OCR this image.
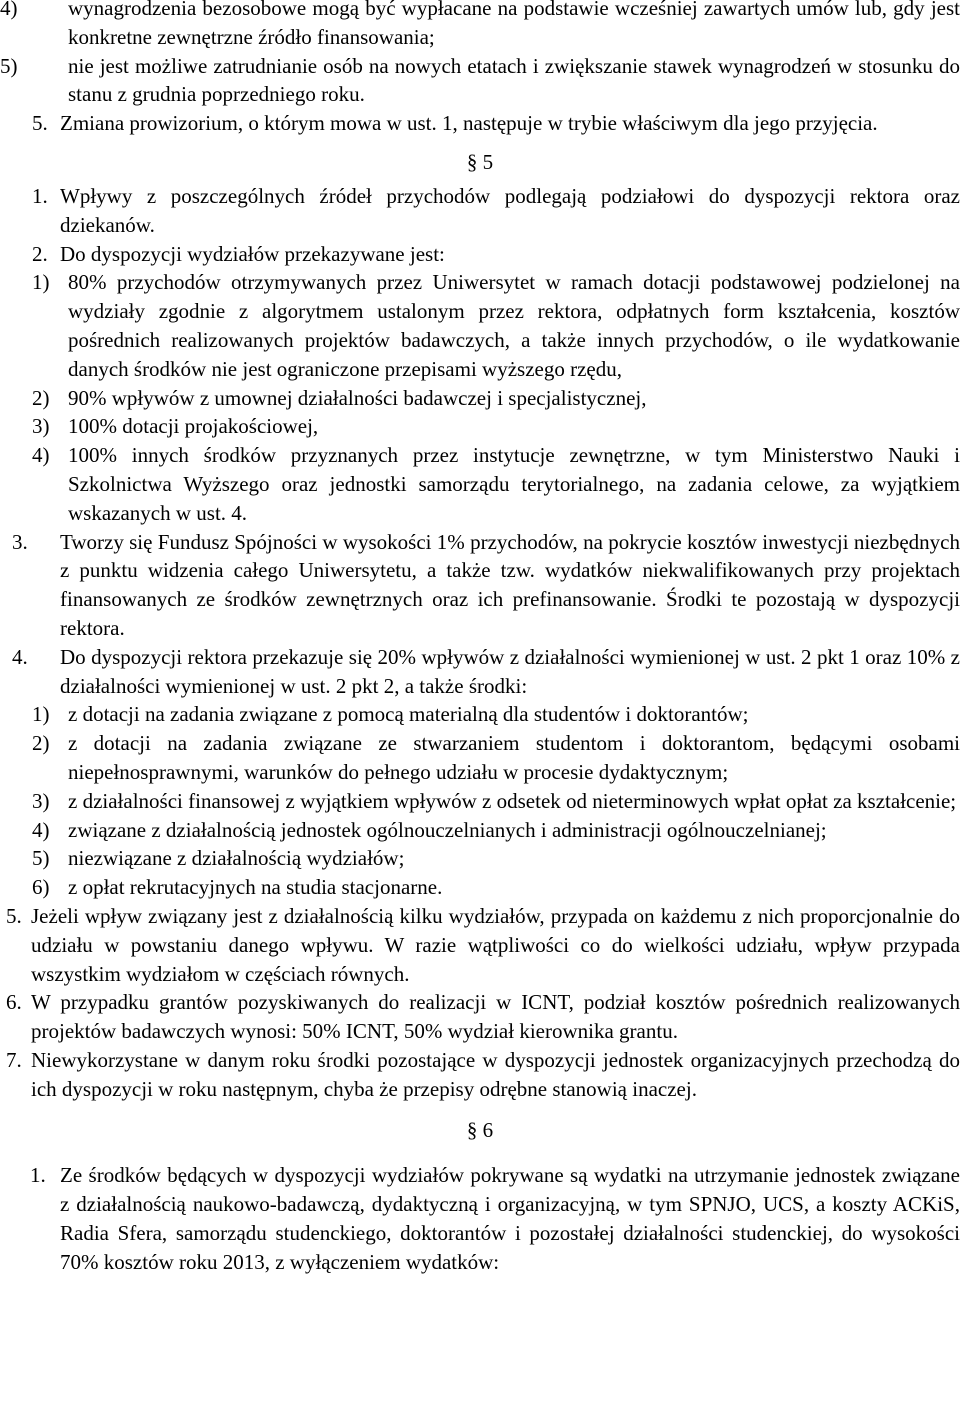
4) wynagrodzenia bezosobowe mogą być wypłacane na podstawie wcześniej zawartych umów lub, gdy jest konkretne zewnętrzne źródło finansowania;
5) nie jest możliwe zatrudnianie osób na nowych etatach i zwiększanie stawek wynagrodzeń w stosunku do stanu z grudnia poprzedniego roku.
5. Zmiana prowizorium, o którym mowa w ust. 1, następuje w trybie właściwym dla jego przyjęcia.
§ 5
1. Wpływy z poszczególnych źródeł przychodów podlegają podziałowi do dyspozycji rektora oraz dziekanów.
2. Do dyspozycji wydziałów przekazywane jest:
1) 80% przychodów otrzymywanych przez Uniwersytet w ramach dotacji podstawowej podzielonej na wydziały zgodnie z algorytmem ustalonym przez rektora, odpłatnych form kształcenia, kosztów pośrednich realizowanych projektów badawczych, a także innych przychodów, o ile wydatkowanie danych środków nie jest ograniczone przepisami wyższego rzędu,
2) 90% wpływów z umownej działalności badawczej i specjalistycznej,
3) 100% dotacji projakościowej,
4) 100% innych środków przyznanych przez instytucje zewnętrzne, w tym Ministerstwo Nauki i Szkolnictwa Wyższego oraz jednostki samorządu terytorialnego, na zadania celowe, za wyjątkiem wskazanych w ust. 4.
3. Tworzy się Fundusz Spójności w wysokości 1% przychodów, na pokrycie kosztów inwestycji niezbędnych z punktu widzenia całego Uniwersytetu, a także tzw. wydatków niekwalifikowanych przy projektach finansowanych ze środków zewnętrznych oraz ich prefinansowanie. Środki te pozostają w dyspozycji rektora.
4. Do dyspozycji rektora przekazuje się 20% wpływów z działalności wymienionej w ust. 2 pkt 1 oraz 10% z działalności wymienionej w ust. 2 pkt 2, a także środki:
1) z dotacji na zadania związane z pomocą materialną dla studentów i doktorantów;
2) z dotacji na zadania związane ze stwarzaniem studentom i doktorantom, będącymi osobami niepełnosprawnymi, warunków do pełnego udziału w procesie dydaktycznym;
3) z działalności finansowej z wyjątkiem wpływów z odsetek od nieterminowych wpłat opłat za kształcenie;
4) związane z działalnością jednostek ogólnouczelnianych i administracji ogólnouczelnianej;
5) niezwiązane z działalnością wydziałów;
6) z opłat rekrutacyjnych na studia stacjonarne.
5. Jeżeli wpływ związany jest z działalnością kilku wydziałów, przypada on każdemu z nich proporcjonalnie do udziału w powstaniu danego wpływu. W razie wątpliwości co do wielkości udziału, wpływ przypada wszystkim wydziałom w częściach równych.
6. W przypadku grantów pozyskiwanych do realizacji w ICNT, podział kosztów pośrednich realizowanych projektów badawczych wynosi: 50% ICNT, 50% wydział kierownika grantu.
7. Niewykorzystane w danym roku środki pozostające w dyspozycji jednostek organizacyjnych przechodzą do ich dyspozycji w roku następnym, chyba że przepisy odrębne stanowią inaczej.
§ 6
1. Ze środków będących w dyspozycji wydziałów pokrywane są wydatki na utrzymanie jednostek związane z działalnością naukowo-badawczą, dydaktyczną i organizacyjną, w tym SPNJO, UCS, a koszty ACKiS, Radia Sfera, samorządu studenckiego, doktorantów i pozostałej działalności studenckiej, do wysokości 70% kosztów roku 2013, z wyłączeniem wydatków:
